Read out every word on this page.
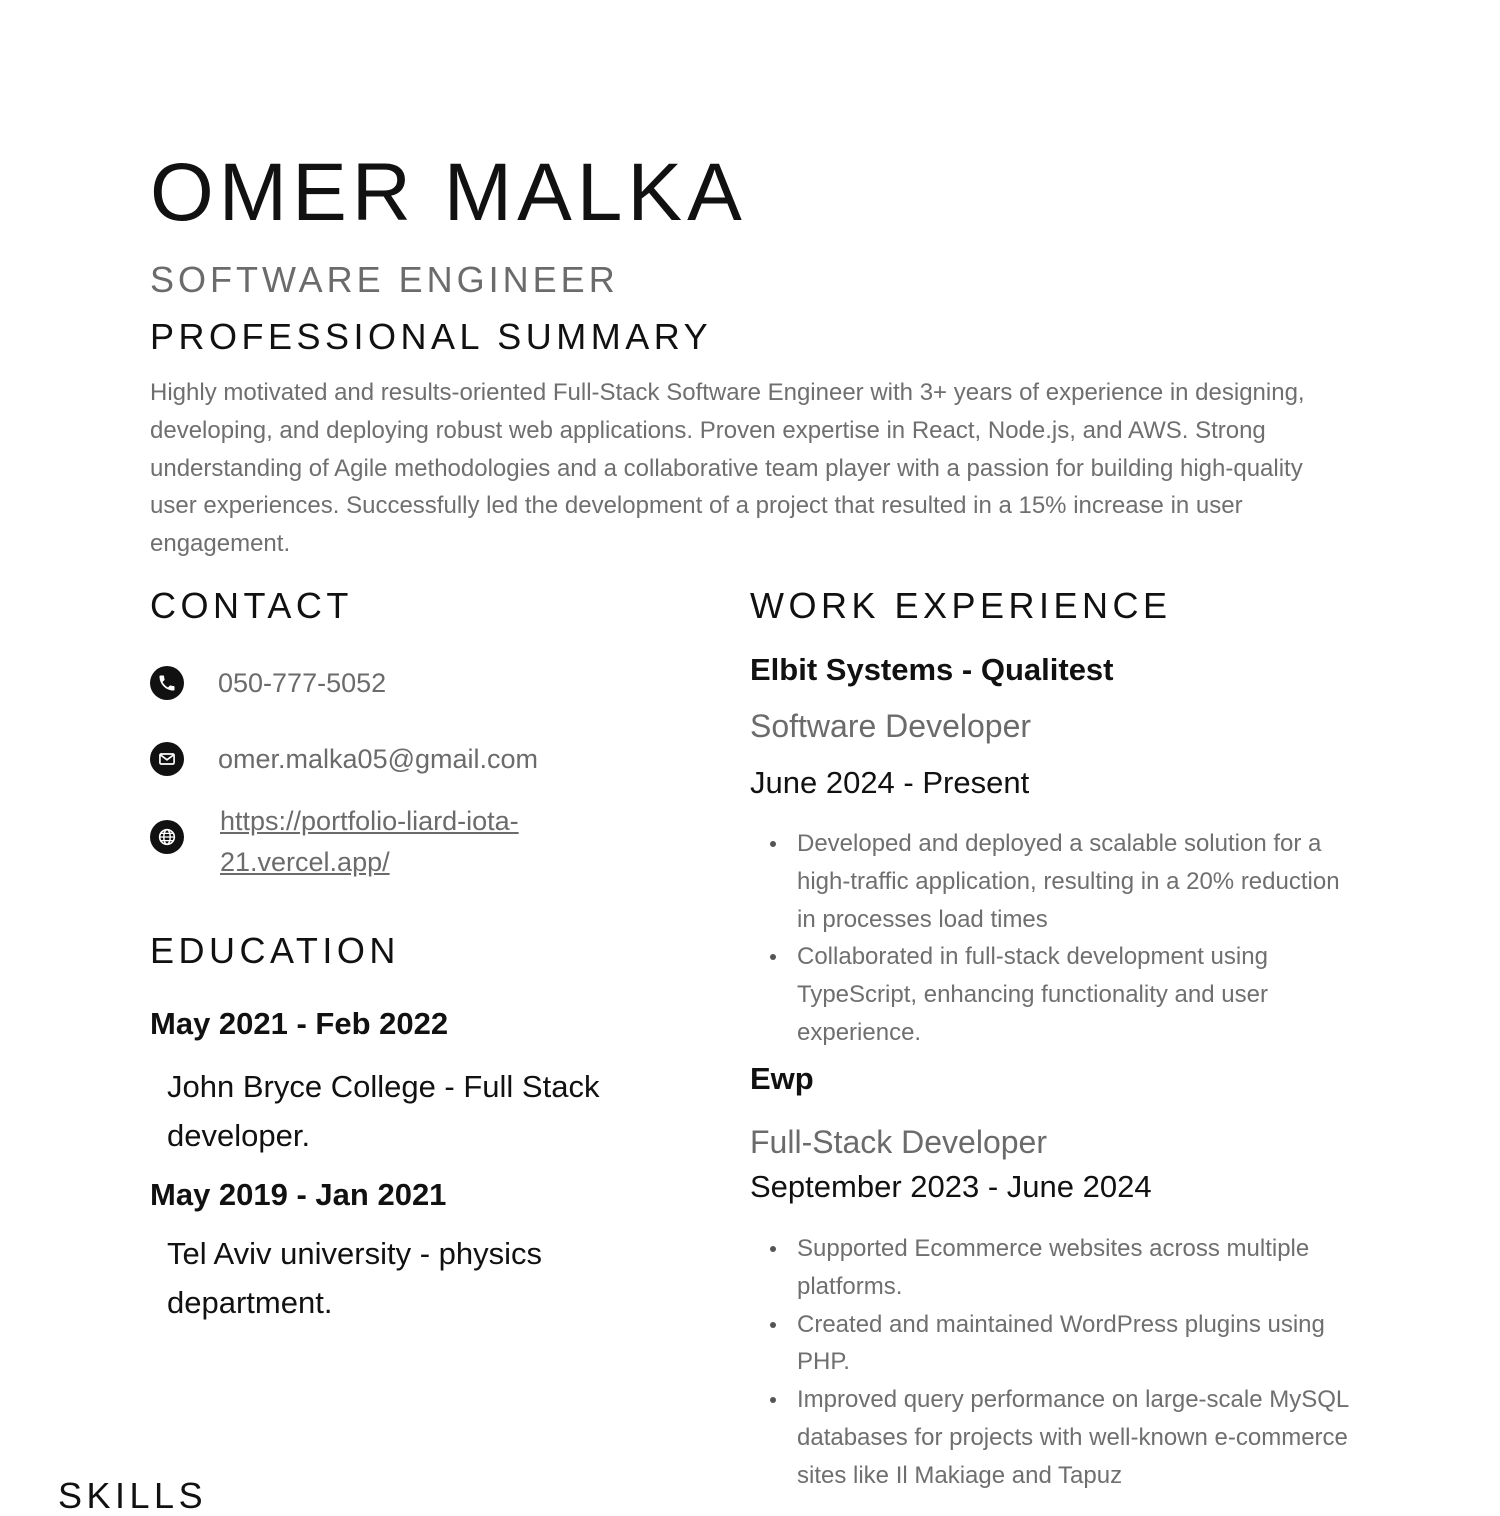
OMER MALKA
SOFTWARE ENGINEER
PROFESSIONAL SUMMARY

Highly motivated and results-oriented Full-Stack Software Engineer with 3+ years of experience in designing, developing, and deploying robust web applications. Proven expertise in React, Node.js, and AWS. Strong understanding of Agile methodologies and a collaborative team player with a passion for building high-quality user experiences. Successfully led the development of a project that resulted in a 15% increase in user engagement.

CONTACT
050-777-5052
omer.malka05@gmail.com
https://portfolio-liard-iota-21.vercel.app/
EDUCATION
May 2021 - Feb 2022
John Bryce College - Full Stack developer.
May 2019 - Jan 2021
Tel Aviv university - physics department.
WORK EXPERIENCE
Elbit Systems - Qualitest
Software Developer
June 2024 - Present
Developed and deployed a scalable solution for a high-traffic application, resulting in a 20% reduction in processes load times
Collaborated in full-stack development using TypeScript, enhancing functionality and user experience.
Ewp
Full-Stack Developer
September 2023 - June 2024
Supported Ecommerce websites across multiple platforms.
Created and maintained WordPress plugins using PHP.
Improved query performance on large-scale MySQL databases for projects with well-known e-commerce sites like Il Makiage and Tapuz
SKILLS
